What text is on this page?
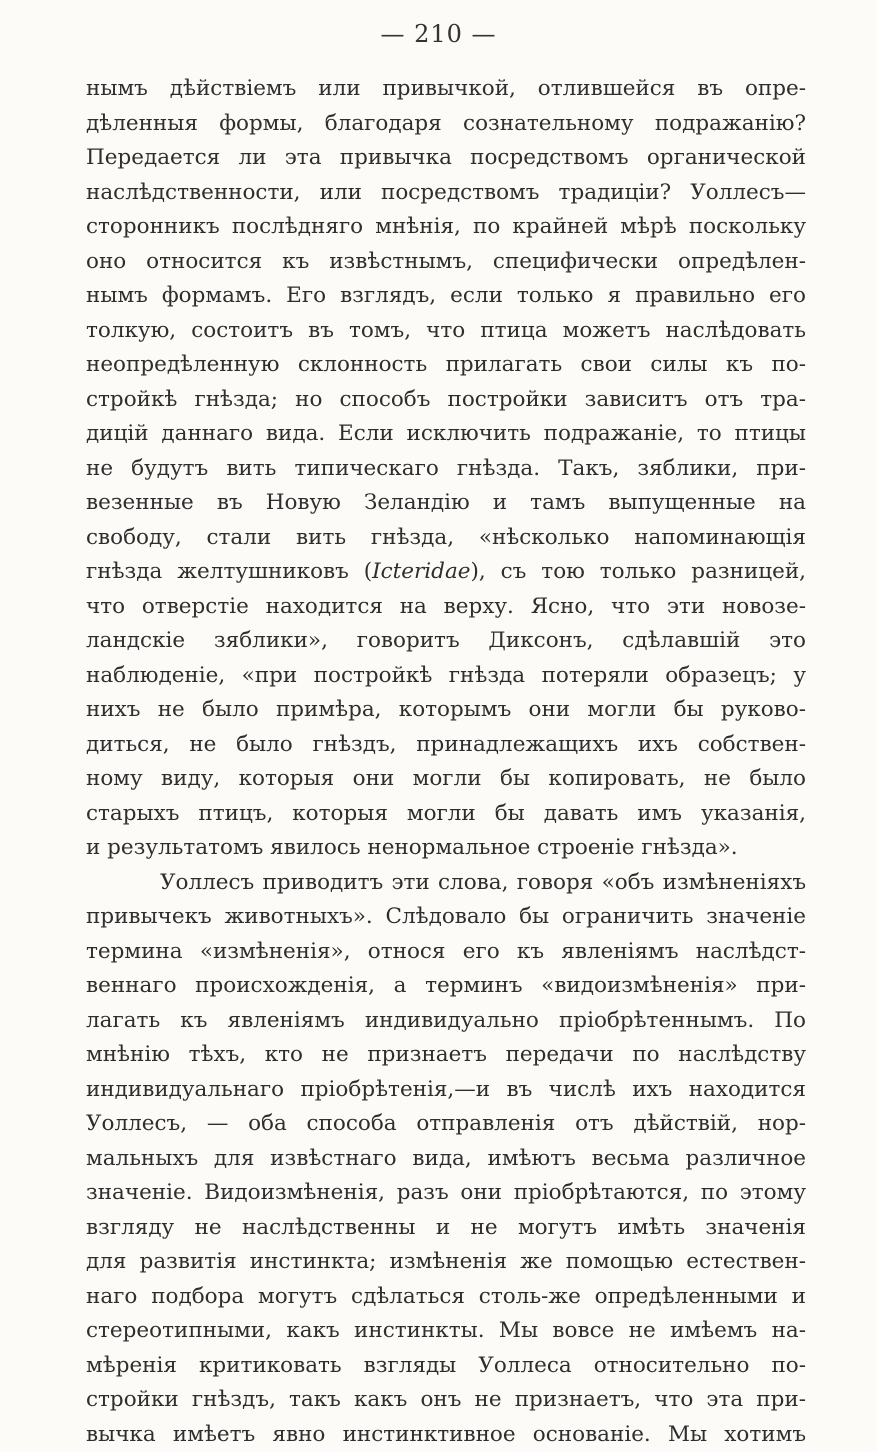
— 210 —
нымъ дѣйствіемъ или привычкой, отлившейся въ опре-
дѣленныя формы, благодаря сознательному подражанію?
Передается ли эта привычка посредствомъ органической
наслѣдственности, или посредствомъ традиціи? Уоллесъ—
сторонникъ послѣдняго мнѣнія, по крайней мѣрѣ поскольку
оно относится къ извѣстнымъ, специфически опредѣлен-
нымъ формамъ. Его взглядъ, если только я правильно его
толкую, состоитъ въ томъ, что птица можетъ наслѣдовать
неопредѣленную склонность прилагать свои силы къ по-
стройкѣ гнѣзда; но способъ постройки зависитъ отъ тра-
дицій даннаго вида. Если исключить подражаніе, то птицы
не будутъ вить типическаго гнѣзда. Такъ, зяблики, при-
везенные въ Новую Зеландію и тамъ выпущенные на
свободу, стали вить гнѣзда, «нѣсколько напоминающія
гнѣзда желтушниковъ (Icteridae), съ тою только разницей,
что отверстіе находится на верху. Ясно, что эти новозе-
ландскіе зяблики», говоритъ Диксонъ, сдѣлавшій это
наблюденіе, «при постройкѣ гнѣзда потеряли образецъ; у
нихъ не было примѣра, которымъ они могли бы руково-
диться, не было гнѣздъ, принадлежащихъ ихъ собствен-
ному виду, которыя они могли бы копировать, не было
старыхъ птицъ, которыя могли бы давать имъ указанія,
и результатомъ явилось ненормальное строеніе гнѣзда».
Уоллесъ приводитъ эти слова, говоря «объ измѣненіяхъ
привычекъ животныхъ». Слѣдовало бы ограничить значеніе
термина «измѣненія», относя его къ явленіямъ наслѣдст-
веннаго происхожденія, а терминъ «видоизмѣненія» при-
лагать къ явленіямъ индивидуально пріобрѣтеннымъ. По
мнѣнію тѣхъ, кто не признаетъ передачи по наслѣдству
индивидуальнаго пріобрѣтенія,—и въ числѣ ихъ находится
Уоллесъ, — оба способа отправленія отъ дѣйствій, нор-
мальныхъ для извѣстнаго вида, имѣютъ весьма различное
значеніе. Видоизмѣненія, разъ они пріобрѣтаются, по этому
взгляду не наслѣдственны и не могутъ имѣть значенія
для развитія инстинкта; измѣненія же помощью естествен-
наго подбора могутъ сдѣлаться столь-же опредѣленными и
стереотипными, какъ инстинкты. Мы вовсе не имѣемъ на-
мѣренія критиковать взгляды Уоллеса относительно по-
стройки гнѣздъ, такъ какъ онъ не признаетъ, что эта при-
вычка имѣетъ явно инстинктивное основаніе. Мы хотимъ
